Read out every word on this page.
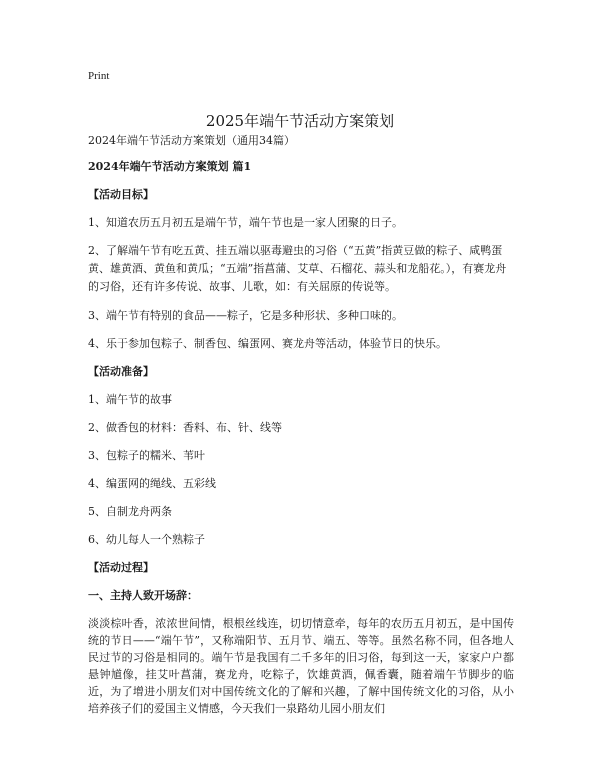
Print
2025年端午节活动方案策划

2024年端午节活动方案策划（通用34篇）

2024年端午节活动方案策划 篇1

【活动目标】

1、知道农历五月初五是端午节，端午节也是一家人团聚的日子。

2、了解端午节有吃五黄、挂五端以驱毒避虫的习俗（“五黄”指黄豆做的粽子、咸鸭蛋黄、雄黄酒、黄鱼和黄瓜；“五端”指菖蒲、艾草、石榴花、蒜头和龙船花。），有赛龙舟的习俗，还有许多传说、故事、儿歌，如：有关屈原的传说等。

3、端午节有特别的食品——粽子，它是多种形状、多种口味的。

4、乐于参加包粽子、制香包、编蛋网、赛龙舟等活动，体验节日的快乐。

【活动准备】

1、端午节的故事

2、做香包的材料：香料、布、针、线等

3、包粽子的糯米、苇叶

4、编蛋网的绳线、五彩线

5、自制龙舟两条

6、幼儿每人一个熟粽子

【活动过程】

一、主持人致开场辞：

淡淡棕叶香，浓浓世间情，根根丝线连，切切情意牵，每年的农历五月初五，是中国传统的节日——“端午节”，又称端阳节、五月节、端五、等等。虽然名称不同，但各地人民过节的习俗是相同的。端午节是我国有二千多年的旧习俗，每到这一天，家家户户都悬钟馗像，挂艾叶菖蒲，赛龙舟，吃粽子，饮雄黄酒，佩香囊，随着端午节脚步的临近，为了增进小朋友们对中国传统文化的了解和兴趣，了解中国传统文化的习俗，从小培养孩子们的爱国主义情感，今天我们一泉路幼儿园小朋友们
